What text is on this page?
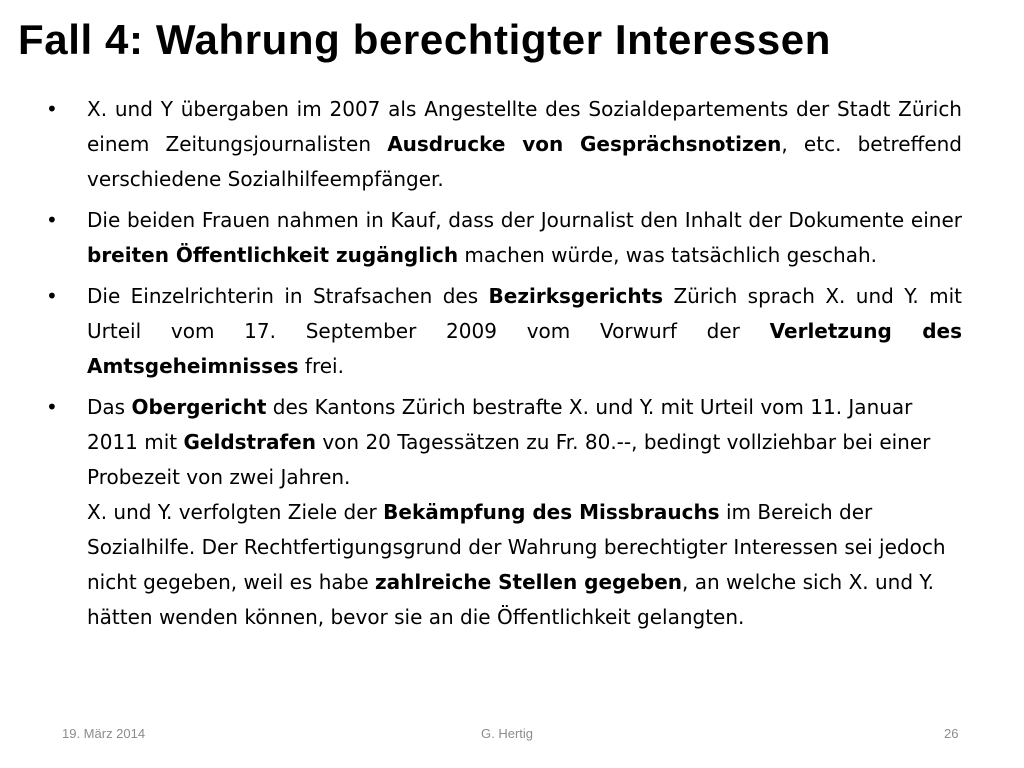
Fall 4: Wahrung berechtigter Interessen
•	X. und Y übergaben im 2007 als Angestellte des Sozialdepartements der Stadt Zürich einem Zeitungsjournalisten Ausdrucke von Gesprächsnotizen, etc. betreffend verschiedene Sozialhilfeempfänger.
•	Die beiden Frauen nahmen in Kauf, dass der Journalist den Inhalt der Dokumente einer breiten Öffentlichkeit zugänglich machen würde, was tatsächlich geschah.
•	Die Einzelrichterin in Strafsachen des Bezirksgerichts Zürich sprach X. und Y. mit Urteil vom 17. September 2009 vom Vorwurf der Verletzung des Amtsgeheimnisses frei.
•	Das Obergericht des Kantons Zürich bestrafte X. und Y. mit Urteil vom 11. Januar 2011 mit Geldstrafen von 20 Tagessätzen zu Fr. 80.--, bedingt vollziehbar bei einer Probezeit von zwei Jahren.
X. und Y. verfolgten Ziele der Bekämpfung des Missbrauchs im Bereich der Sozialhilfe. Der Rechtfertigungsgrund der Wahrung berechtigter Interessen sei jedoch nicht gegeben, weil es habe zahlreiche Stellen gegeben, an welche sich X. und Y. hätten wenden können, bevor sie an die Öffentlichkeit gelangten.
19. März 2014	G. Hertig	26
